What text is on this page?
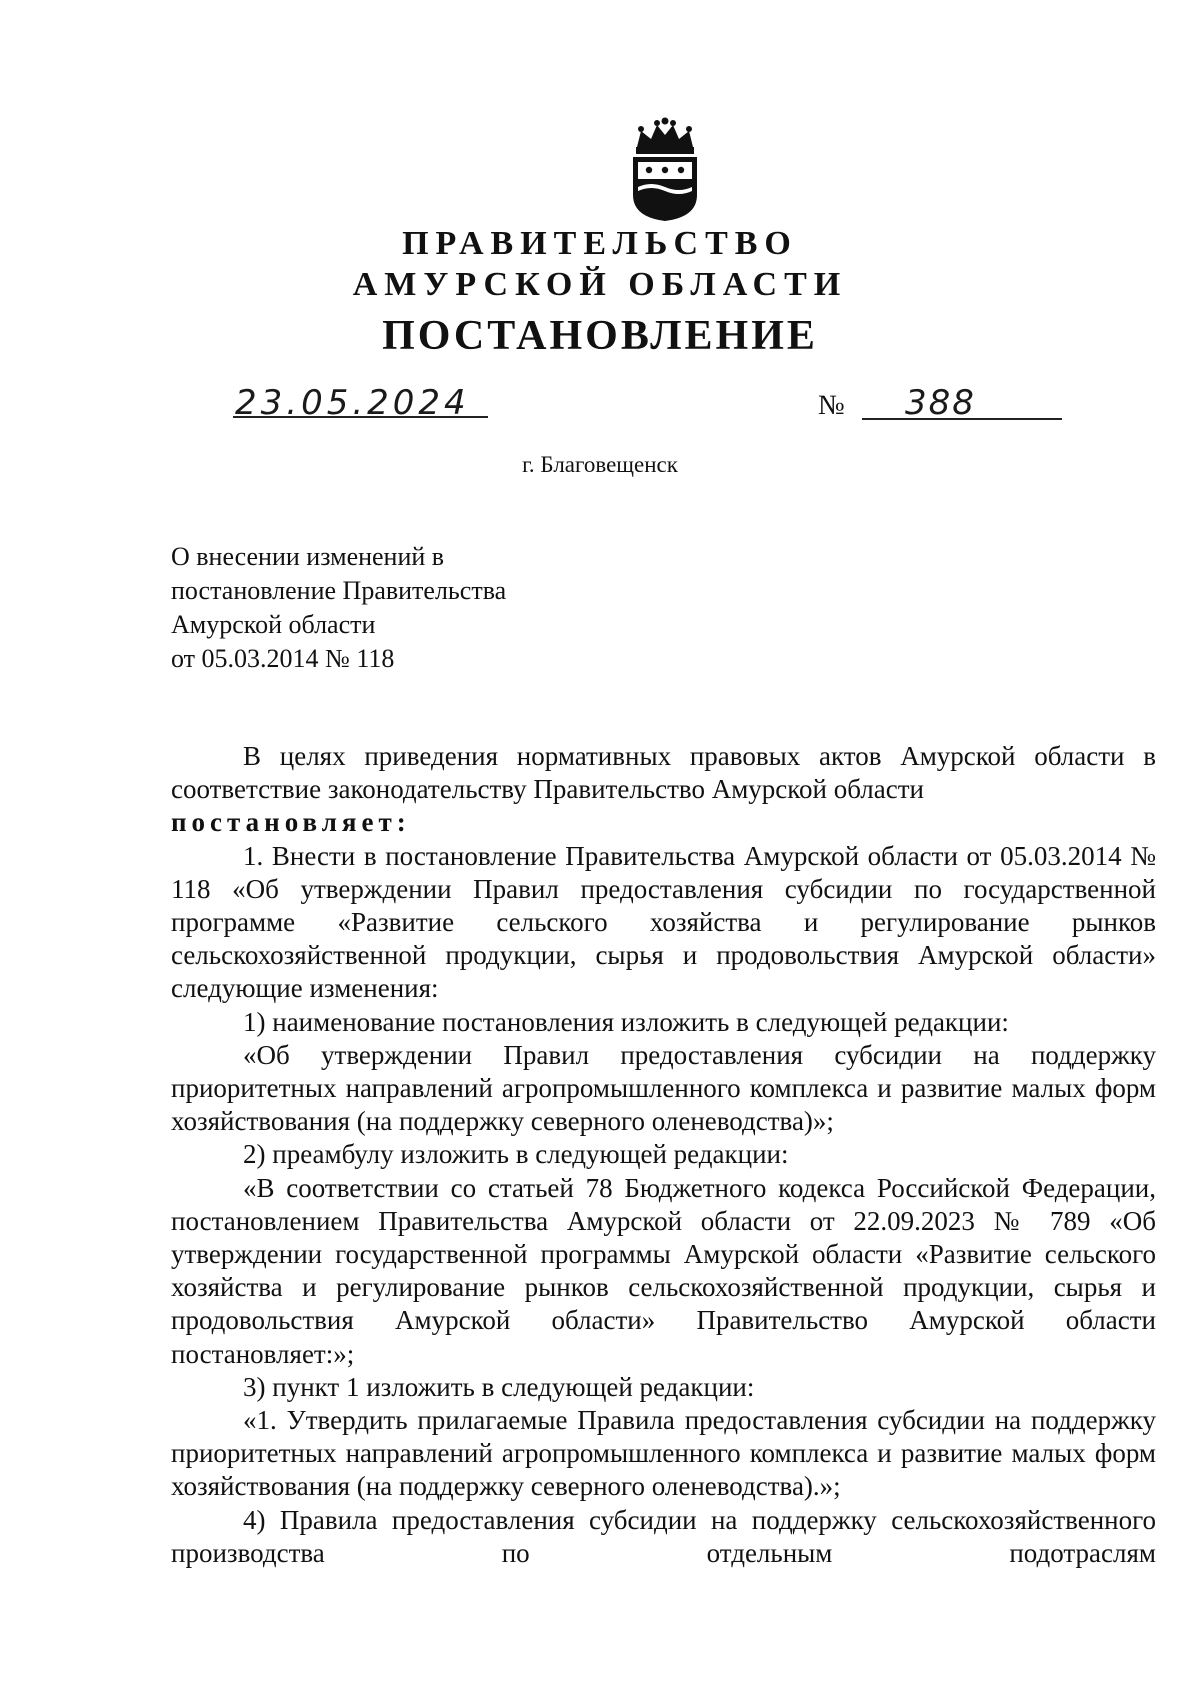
ПРАВИТЕЛЬСТВО
АМУРСКОЙ ОБЛАСТИ
ПОСТАНОВЛЕНИЕ
23.05.2024	№ 388
г. Благовещенск
О внесении изменений в
постановление Правительства
Амурской области
от 05.03.2014 № 118

В целях приведения нормативных правовых актов Амурской области в соответствие законодательству Правительство Амурской области

постановляет:

1. Внести в постановление Правительства Амурской области от 05.03.2014 № 118 «Об утверждении Правил предоставления субсидии по государственной программе «Развитие сельского хозяйства и регулирование рынков сельскохозяйственной продукции, сырья и продовольствия Амурской области» следующие изменения:

1) наименование постановления изложить в следующей редакции:

«Об утверждении Правил предоставления субсидии на поддержку приоритетных направлений агропромышленного комплекса и развитие малых форм хозяйствования (на поддержку северного оленеводства)»;

2) преамбулу изложить в следующей редакции:

«В соответствии со статьей 78 Бюджетного кодекса Российской Федерации, постановлением Правительства Амурской области от 22.09.2023 № 789 «Об утверждении государственной программы Амурской области «Развитие сельского хозяйства и регулирование рынков сельскохозяйственной продукции, сырья и продовольствия Амурской области» Правительство Амурской области постановляет:»;

3) пункт 1 изложить в следующей редакции:

«1. Утвердить прилагаемые Правила предоставления субсидии на поддержку приоритетных направлений агропромышленного комплекса и развитие малых форм хозяйствования (на поддержку северного оленеводства).»;

4) Правила предоставления субсидии на поддержку сельскохозяйственного производства по отдельным подотраслям
